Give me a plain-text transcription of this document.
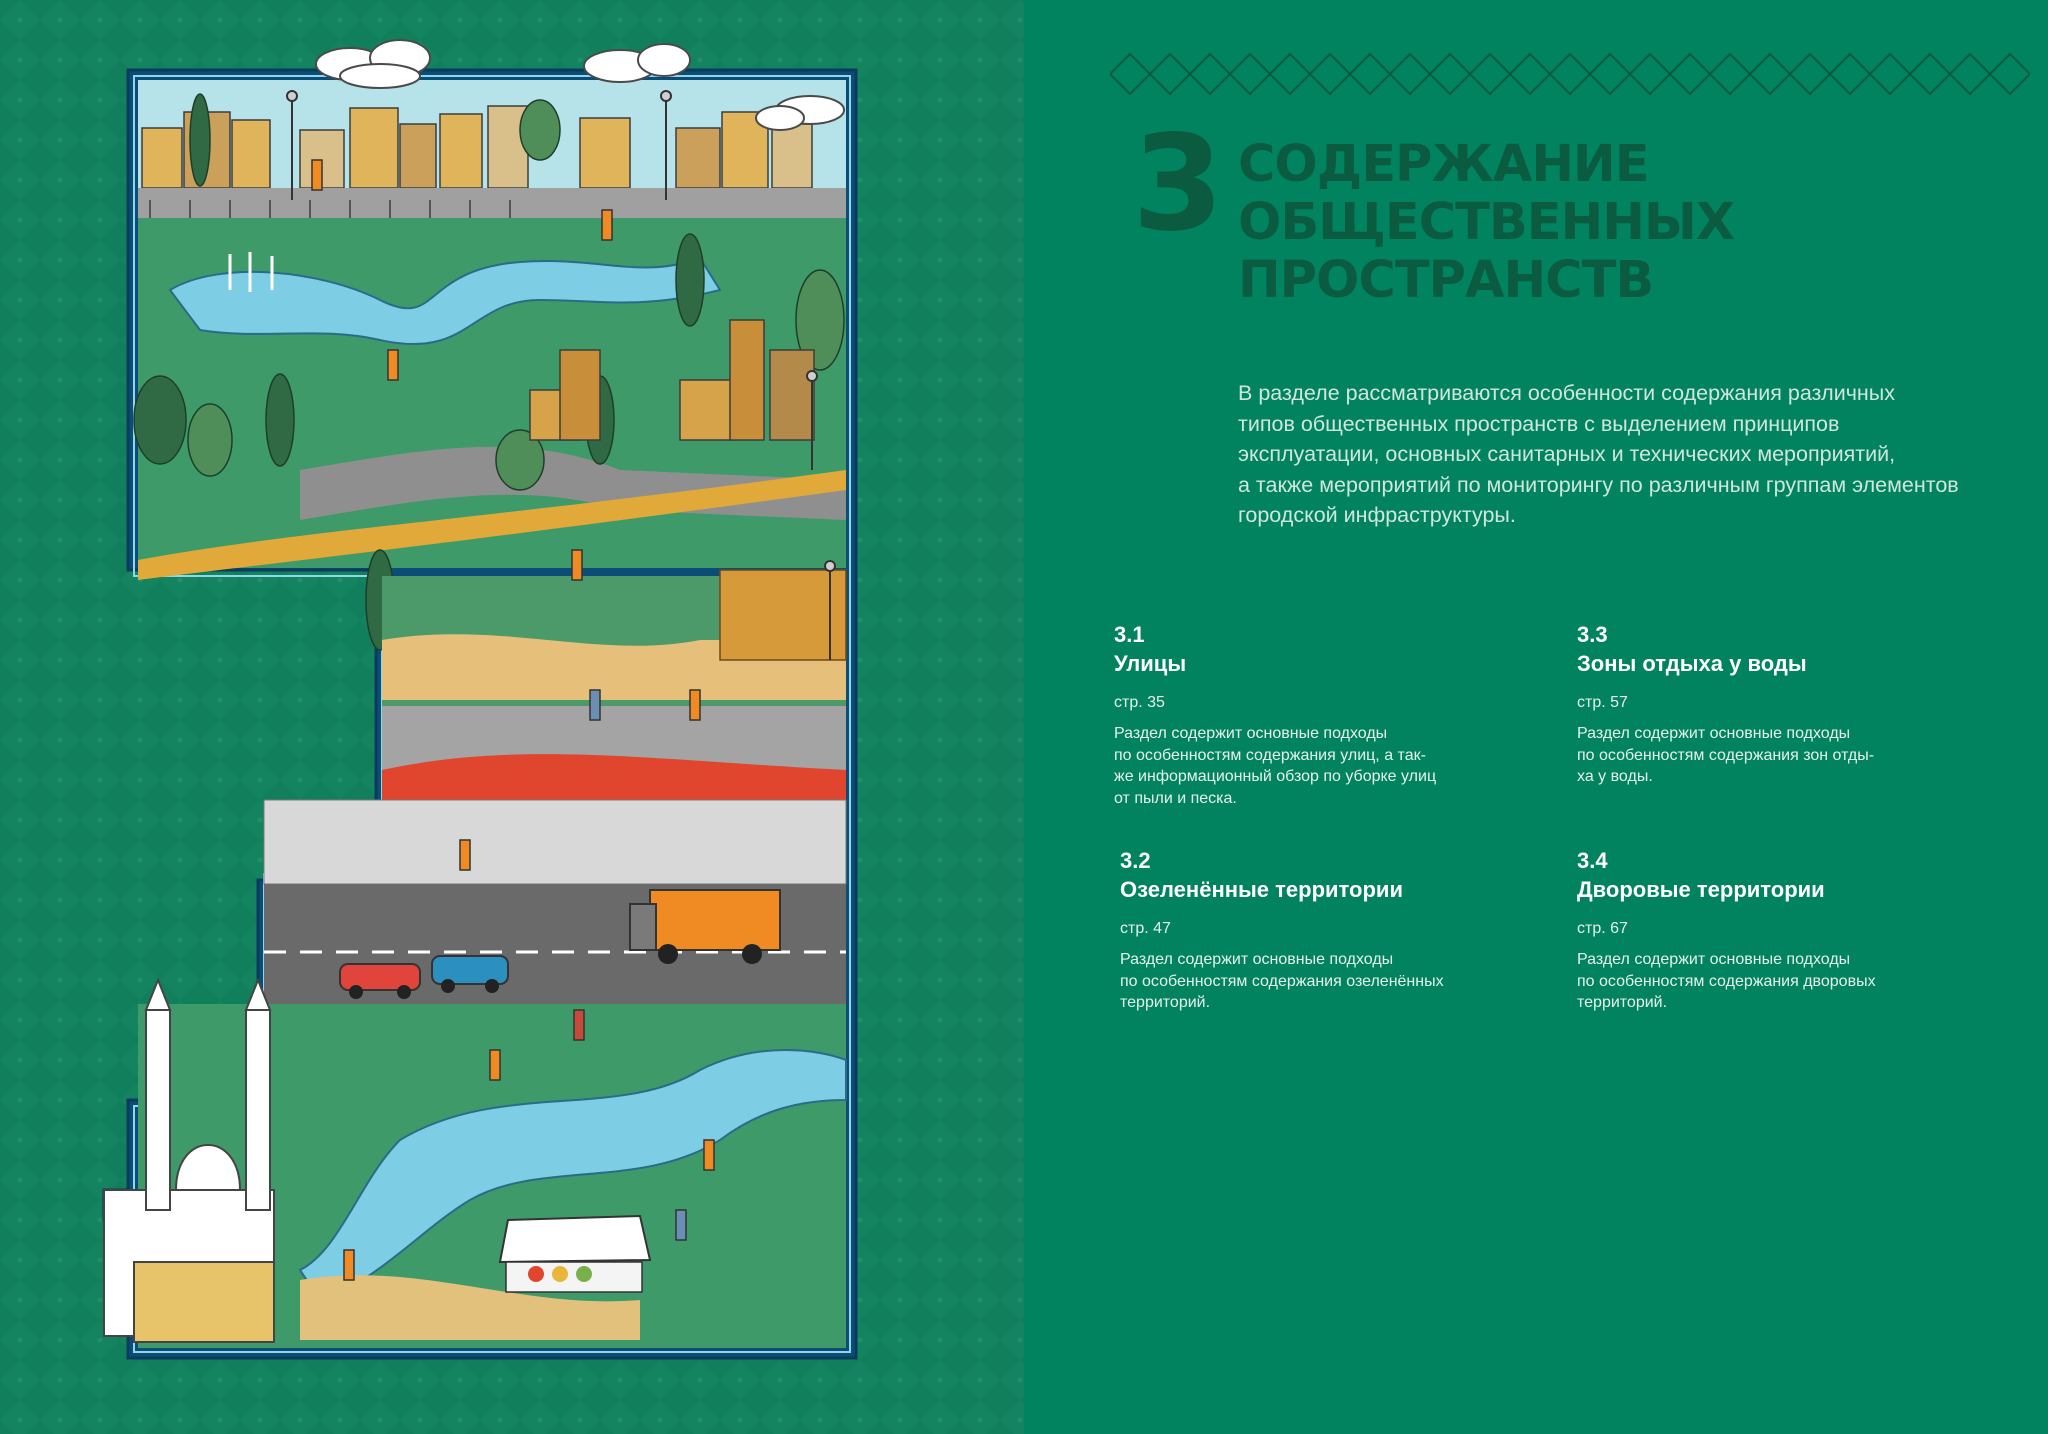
3 СОДЕРЖАНИЕ
ОБЩЕСТВЕННЫХ
ПРОСТРАНСТВ
В разделе рассматриваются особенности содержания различных
типов общественных пространств с выделением принципов
эксплуатации, основных санитарных и технических мероприятий,
а также мероприятий по мониторингу по различным группам элементов
городской инфраструктуры.
3.1
Улицы
стр. 35
Раздел содержит основные подходы
по особенностям содержания улиц, а так-
же информационный обзор по уборке улиц
от пыли и песка.
3.3
Зоны отдыха у воды
стр. 57
Раздел содержит основные подходы
по особенностям содержания зон отды-
ха у воды.
3.2
Озеленённые территории
стр. 47
Раздел содержит основные подходы
по особенностям содержания озеленённых
территорий.
3.4
Дворовые территории
стр. 67
Раздел содержит основные подходы
по особенностям содержания дворовых
территорий.
